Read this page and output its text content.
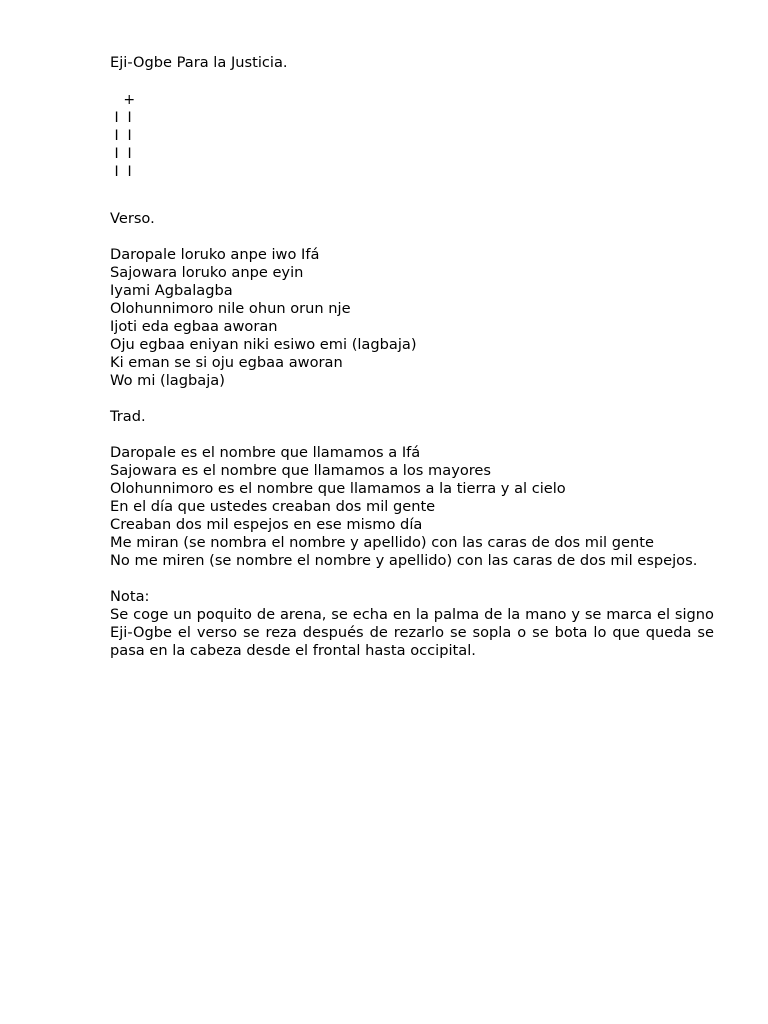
Eji-Ogbe Para la Justicia.
+
I  I
I  I
I  I
I  I
Verso.
Daropale loruko anpe iwo Ifá
Sajowara loruko anpe eyin
Iyami Agbalagba
Olohunnimoro nile ohun orun nje
Ijoti eda egbaa aworan
Oju egbaa eniyan niki esiwo emi (lagbaja)
Ki eman se si oju egbaa aworan
Wo mi (lagbaja)
Trad.
Daropale es el nombre que llamamos a Ifá
Sajowara es el nombre que llamamos a los mayores
Olohunnimoro es el nombre que llamamos a la tierra y al cielo
En el día que ustedes creaban dos mil gente
Creaban dos mil espejos en ese mismo día
Me miran (se nombra el nombre y apellido) con las caras de dos mil gente
No me miren (se nombre el nombre y apellido) con las caras de dos mil espejos.
Nota:
Se coge un poquito de arena, se echa en la palma de la mano y se marca el signo Eji-Ogbe el verso se reza después de rezarlo se sopla o se bota lo que queda se pasa en la cabeza desde el frontal hasta occipital.
